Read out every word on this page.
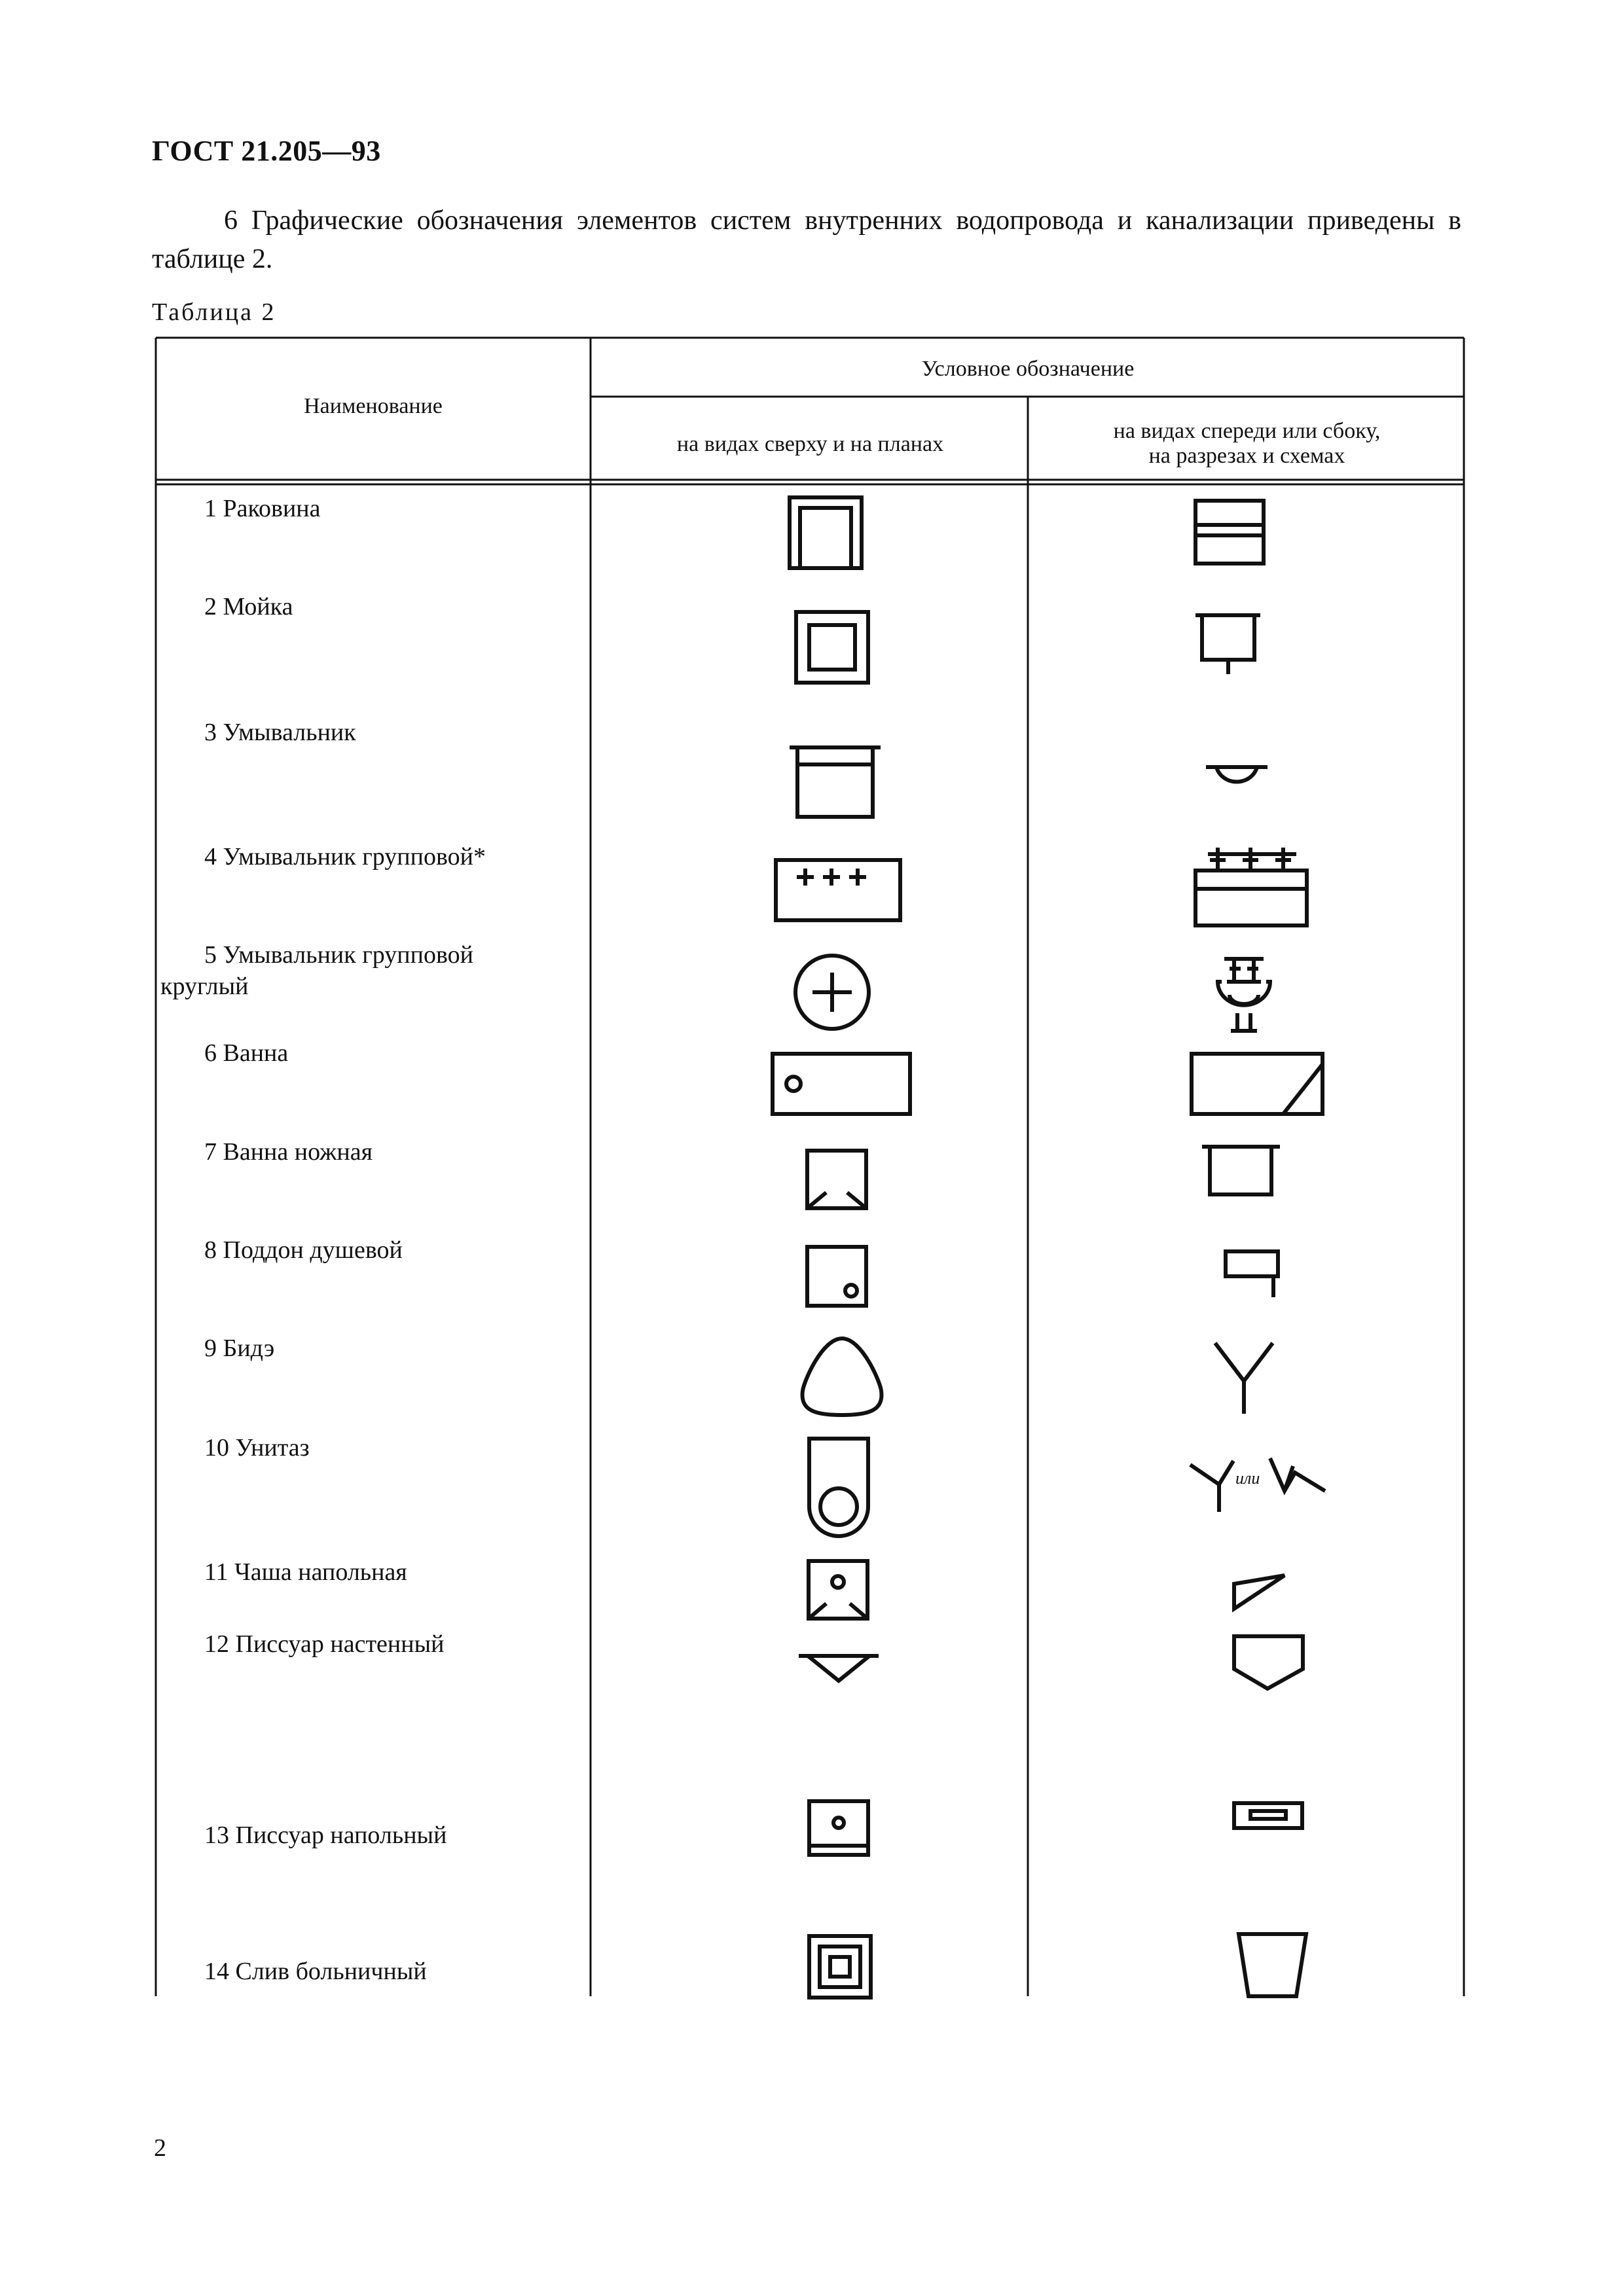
ГОСТ 21.205—93
6 Графические обозначения элементов систем внутренних водопровода и канализации приведены в таблице 2.
Таблица 2
Наименование
Условное обозначение
на видах сверху и на планах
на видах спереди или сбоку,
на разрезах и схемах
1 Раковина
2 Мойка
3 Умывальник
4 Умывальник групповой*
5 Умывальник групповой круглый
6 Ванна
7 Ванна ножная
8 Поддон душевой
9 Бидэ
10 Унитаз
11 Чаша напольная
12 Писсуар настенный
13 Писсуар напольный
14 Слив больничный
2
или
